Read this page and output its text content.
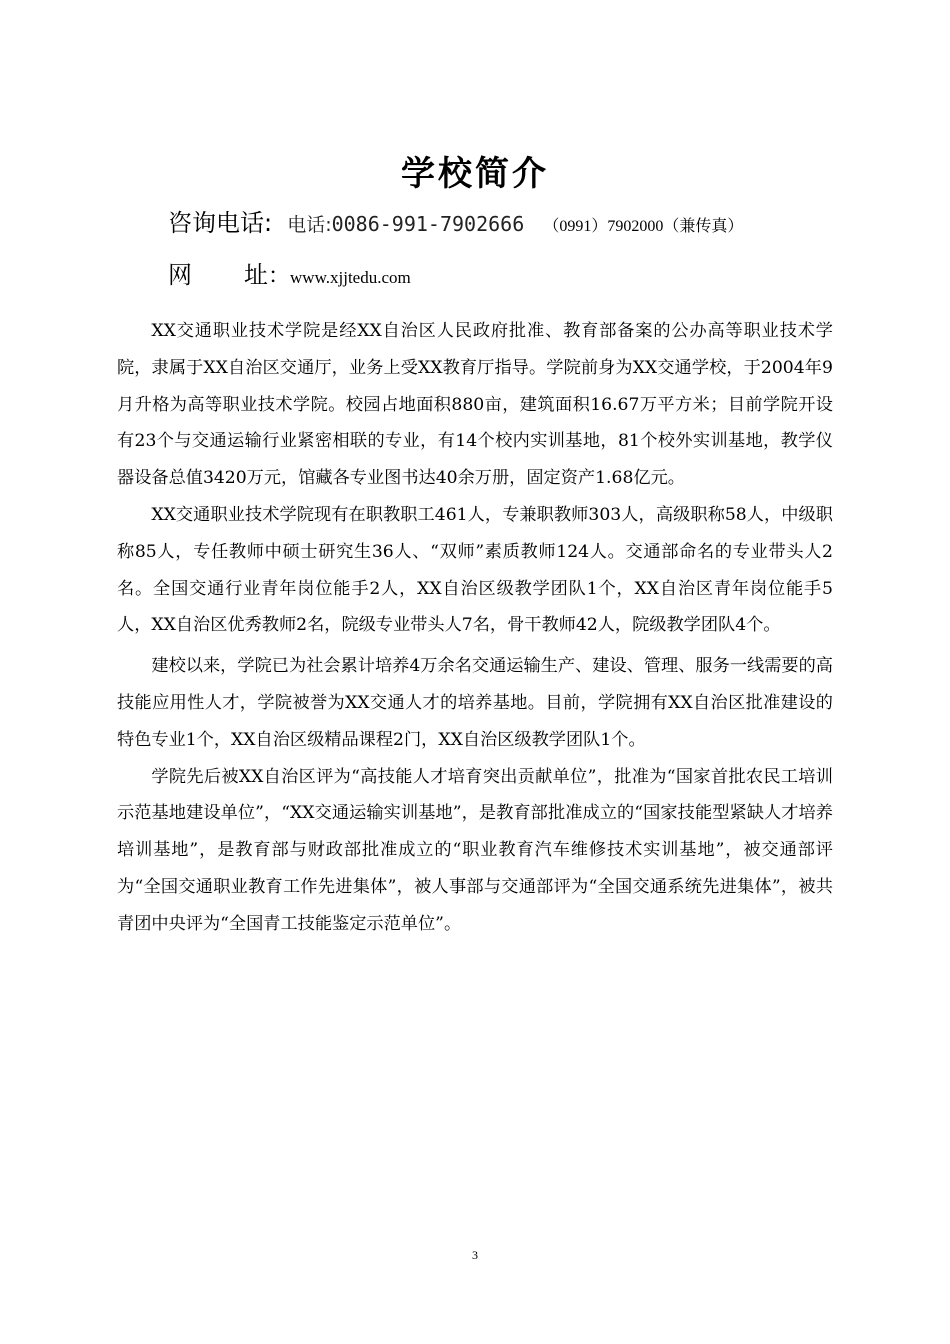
学校简介
咨询电话: 电话:0086-991-7902666 （0991）7902000（兼传真）
网 址：www.xjjtedu.com

XX交通职业技术学院是经XX自治区人民政府批准、教育部备案的公办高等职业技术学院，隶属于XX自治区交通厅，业务上受XX教育厅指导。学院前身为XX交通学校，于2004年9月升格为高等职业技术学院。校园占地面积880亩，建筑面积16.67万平方米；目前学院开设有23个与交通运输行业紧密相联的专业，有14个校内实训基地，81个校外实训基地，教学仪器设备总值3420万元，馆藏各专业图书达40余万册，固定资产1.68亿元。

XX交通职业技术学院现有在职教职工461人，专兼职教师303人，高级职称58人，中级职称85人，专任教师中硕士研究生36人、“双师”素质教师124人。交通部命名的专业带头人2名。全国交通行业青年岗位能手2人，XX自治区级教学团队1个，XX自治区青年岗位能手5人，XX自治区优秀教师2名，院级专业带头人7名，骨干教师42人，院级教学团队4个。

建校以来，学院已为社会累计培养4万余名交通运输生产、建设、管理、服务一线需要的高技能应用性人才，学院被誉为XX交通人才的培养基地。目前，学院拥有XX自治区批准建设的特色专业1个，XX自治区级精品课程2门，XX自治区级教学团队1个。

学院先后被XX自治区评为“高技能人才培育突出贡献单位”，批准为“国家首批农民工培训示范基地建设单位”，“XX交通运输实训基地”，是教育部批准成立的“国家技能型紧缺人才培养培训基地”，是教育部与财政部批准成立的“职业教育汽车维修技术实训基地”，被交通部评为“全国交通职业教育工作先进集体”，被人事部与交通部评为“全国交通系统先进集体”，被共青团中央评为“全国青工技能鉴定示范单位”。

3
